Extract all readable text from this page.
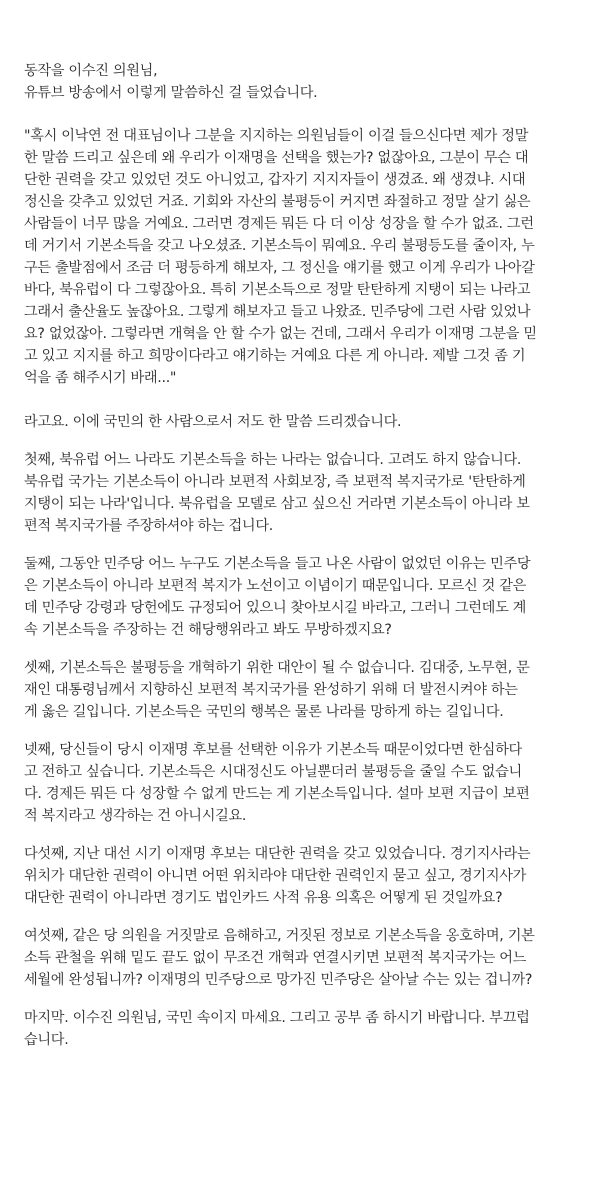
동작을 이수진 의원님,
유튜브 방송에서 이렇게 말씀하신 걸 들었습니다.

"혹시 이낙연 전 대표님이나 그분을 지지하는 의원님들이 이걸 들으신다면 제가 정말
한 말씀 드리고 싶은데 왜 우리가 이재명을 선택을 했는가? 없잖아요, 그분이 무슨 대
단한 권력을 갖고 있었던 것도 아니었고, 갑자기 지지자들이 생겼죠. 왜 생겼냐. 시대
정신을 갖추고 있었던 거죠. 기회와 자산의 불평등이 커지면 좌절하고 정말 살기 싫은
사람들이 너무 많을 거예요. 그러면 경제든 뭐든 다 더 이상 성장을 할 수가 없죠. 그런
데 거기서 기본소득을 갖고 나오셨죠. 기본소득이 뭐예요. 우리 불평등도를 줄이자, 누
구든 출발점에서 조금 더 평등하게 해보자, 그 정신을 얘기를 했고 이게 우리가 나아갈
바다, 북유럽이 다 그렇잖아요. 특히 기본소득으로 정말 탄탄하게 지탱이 되는 나라고
그래서 출산율도 높잖아요. 그렇게 해보자고 들고 나왔죠. 민주당에 그런 사람 있었나
요? 없었잖아. 그렇라면 개혁을 안 할 수가 없는 건데, 그래서 우리가 이재명 그분을 믿
고 있고 지지를 하고 희망이다라고 얘기하는 거예요 다른 게 아니라. 제발 그것 좀 기
억을 좀 해주시기 바래..."

라고요. 이에 국민의 한 사람으로서 저도 한 말씀 드리겠습니다.

첫째, 북유럽 어느 나라도 기본소득을 하는 나라는 없습니다. 고려도 하지 않습니다.
북유럽 국가는 기본소득이 아니라 보편적 사회보장, 즉 보편적 복지국가로 '탄탄하게
지탱이 되는 나라'입니다. 북유럽을 모델로 삼고 싶으신 거라면 기본소득이 아니라 보
편적 복지국가를 주장하셔야 하는 겁니다.

둘째, 그동안 민주당 어느 누구도 기본소득을 들고 나온 사람이 없었던 이유는 민주당
은 기본소득이 아니라 보편적 복지가 노선이고 이념이기 때문입니다. 모르신 것 같은
데 민주당 강령과 당헌에도 규정되어 있으니 찾아보시길 바라고, 그러니 그런데도 계
속 기본소득을 주장하는 건 해당행위라고 봐도 무방하겠지요?

셋째, 기본소득은 불평등을 개혁하기 위한 대안이 될 수 없습니다. 김대중, 노무현, 문
재인 대통령님께서 지향하신 보편적 복지국가를 완성하기 위해 더 발전시켜야 하는
게 옳은 길입니다. 기본소득은 국민의 행복은 물론 나라를 망하게 하는 길입니다.

넷째, 당신들이 당시 이재명 후보를 선택한 이유가 기본소득 때문이었다면 한심하다
고 전하고 싶습니다. 기본소득은 시대정신도 아닐뿐더러 불평등을 줄일 수도 없습니
다. 경제든 뭐든 다 성장할 수 없게 만드는 게 기본소득입니다. 설마 보편 지급이 보편
적 복지라고 생각하는 건 아니시길요.

다섯째, 지난 대선 시기 이재명 후보는 대단한 권력을 갖고 있었습니다. 경기지사라는
위치가 대단한 권력이 아니면 어떤 위치라야 대단한 권력인지 묻고 싶고, 경기지사가
대단한 권력이 아니라면 경기도 법인카드 사적 유용 의혹은 어떻게 된 것일까요?

여섯째, 같은 당 의원을 거짓말로 음해하고, 거짓된 정보로 기본소득을 옹호하며, 기본
소득 관철을 위해 밑도 끝도 없이 무조건 개혁과 연결시키면 보편적 복지국가는 어느
세월에 완성됩니까? 이재명의 민주당으로 망가진 민주당은 살아날 수는 있는 겁니까?

마지막. 이수진 의원님, 국민 속이지 마세요. 그리고 공부 좀 하시기 바랍니다. 부끄럽
습니다.
